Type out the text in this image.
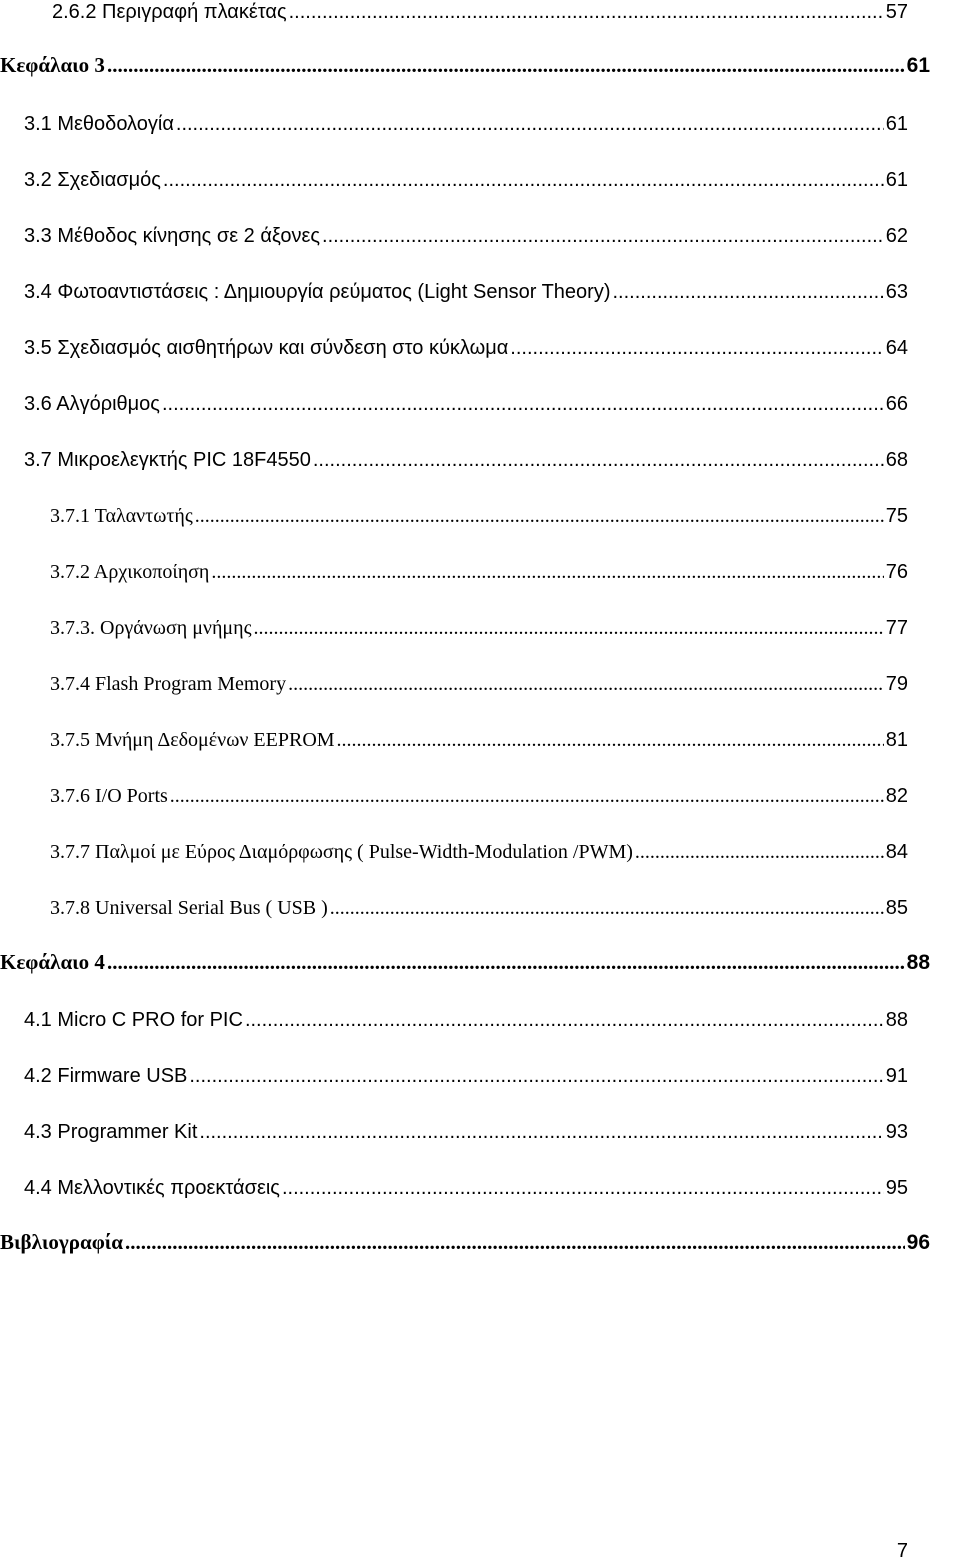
2.6.2 Περιγραφή πλακέτας .....	57
Κεφάλαιο 3 .....	61
3.1 Μεθοδολογία .....	61
3.2 Σχεδιασμός .....	61
3.3 Μέθοδος κίνησης σε 2 άξονες .....	62
3.4 Φωτοαντιστάσεις : Δημιουργία ρεύματος (Light Sensor Theory) .....	63
3.5 Σχεδιασμός αισθητήρων και σύνδεση στο κύκλωμα .....	64
3.6 Αλγόριθμος .....	66
3.7 Μικροελεγκτής PIC 18F4550 .....	68
3.7.1 Ταλαντωτής .....	75
3.7.2 Αρχικοποίηση .....	76
3.7.3. Οργάνωση μνήμης .....	77
3.7.4 Flash Program Memory .....	79
3.7.5 Μνήμη Δεδομένων EEPROM .....	81
3.7.6 I/O Ports .....	82
3.7.7 Παλμοί με Εύρος Διαμόρφωσης ( Pulse-Width-Modulation /PWM) .....	84
3.7.8 Universal Serial Bus ( USB ) .....	85
Κεφάλαιο 4 .....	88
4.1 Micro C PRO for PIC .....	88
4.2 Firmware USB .....	91
4.3 Programmer Kit .....	93
4.4 Μελλοντικές προεκτάσεις .....	95
Βιβλιογραφία .....	96
7
